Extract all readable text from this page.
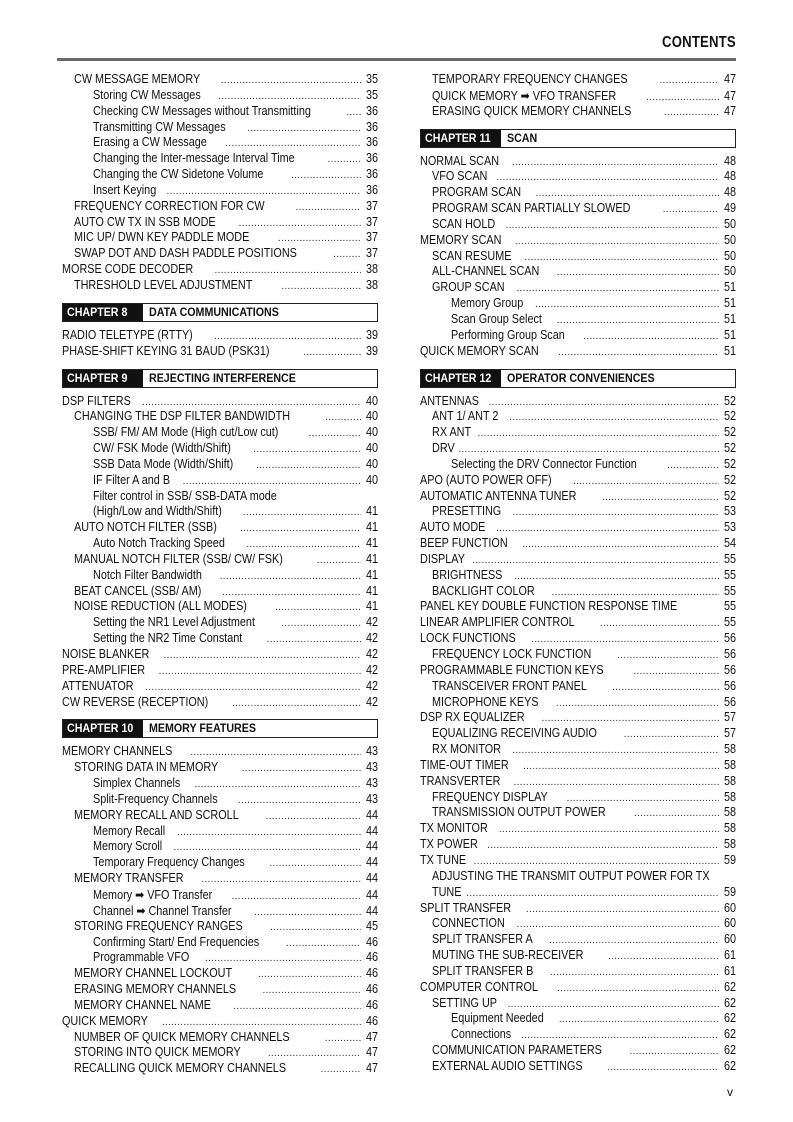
CONTENTS
CW MESSAGE MEMORY .....	35
Storing CW Messages .....	35
Checking CW Messages without Transmitting .....	36
Transmitting CW Messages .....	36
Erasing a CW Message .....	36
Changing the Inter-message Interval Time .....	36
Changing the CW Sidetone Volume .....	36
Insert Keying .....	36
FREQUENCY CORRECTION FOR CW .....	37
AUTO CW TX IN SSB MODE .....	37
MIC UP/ DWN KEY PADDLE MODE .....	37
SWAP DOT AND DASH PADDLE POSITIONS .....	37
MORSE CODE DECODER .....	38
THRESHOLD LEVEL ADJUSTMENT .....	38
CHAPTER 8	DATA COMMUNICATIONS
RADIO TELETYPE (RTTY) .....	39
PHASE-SHIFT KEYING 31 BAUD (PSK31) .....	39
CHAPTER 9	REJECTING INTERFERENCE
DSP FILTERS .....	40
CHANGING THE DSP FILTER BANDWIDTH .....	40
SSB/ FM/ AM Mode (High cut/Low cut) .....	40
CW/ FSK Mode (Width/Shift) .....	40
SSB Data Mode (Width/Shift) .....	40
IF Filter A and B .....	40
Filter control in SSB/ SSB-DATA mode
(High/Low and Width/Shift) .....	41
AUTO NOTCH FILTER (SSB) .....	41
Auto Notch Tracking Speed .....	41
MANUAL NOTCH FILTER (SSB/ CW/ FSK) .....	41
Notch Filter Bandwidth .....	41
BEAT CANCEL (SSB/ AM) .....	41
NOISE REDUCTION (ALL MODES) .....	41
Setting the NR1 Level Adjustment .....	42
Setting the NR2 Time Constant .....	42
NOISE BLANKER .....	42
PRE-AMPLIFIER .....	42
ATTENUATOR .....	42
CW REVERSE (RECEPTION) .....	42
CHAPTER 10	MEMORY FEATURES
MEMORY CHANNELS .....	43
STORING DATA IN MEMORY .....	43
Simplex Channels .....	43
Split-Frequency Channels .....	43
MEMORY RECALL AND SCROLL .....	44
Memory Recall .....	44
Memory Scroll .....	44
Temporary Frequency Changes .....	44
MEMORY TRANSFER .....	44
Memory ➡ VFO Transfer .....	44
Channel ➡ Channel Transfer .....	44
STORING FREQUENCY RANGES .....	45
Confirming Start/ End Frequencies .....	46
Programmable VFO .....	46
MEMORY CHANNEL LOCKOUT .....	46
ERASING MEMORY CHANNELS .....	46
MEMORY CHANNEL NAME .....	46
QUICK MEMORY .....	46
NUMBER OF QUICK MEMORY CHANNELS .....	47
STORING INTO QUICK MEMORY .....	47
RECALLING QUICK MEMORY CHANNELS .....	47
TEMPORARY FREQUENCY CHANGES .....	47
QUICK MEMORY ➡ VFO TRANSFER .....	47
ERASING QUICK MEMORY CHANNELS .....	47
CHAPTER 11	SCAN
NORMAL SCAN .....	48
VFO SCAN .....	48
PROGRAM SCAN .....	48
PROGRAM SCAN PARTIALLY SLOWED .....	49
SCAN HOLD .....	50
MEMORY SCAN .....	50
SCAN RESUME .....	50
ALL-CHANNEL SCAN .....	50
GROUP SCAN .....	51
Memory Group .....	51
Scan Group Select .....	51
Performing Group Scan .....	51
QUICK MEMORY SCAN .....	51
CHAPTER 12	OPERATOR CONVENIENCES
ANTENNAS .....	52
ANT 1/ ANT 2 .....	52
RX ANT .....	52
DRV .....	52
Selecting the DRV Connector Function .....	52
APO (AUTO POWER OFF) .....	52
AUTOMATIC ANTENNA TUNER .....	52
PRESETTING .....	53
AUTO MODE .....	53
BEEP FUNCTION .....	54
DISPLAY .....	55
BRIGHTNESS .....	55
BACKLIGHT COLOR .....	55
PANEL KEY DOUBLE FUNCTION RESPONSE TIME	55
LINEAR AMPLIFIER CONTROL .....	55
LOCK FUNCTIONS .....	56
FREQUENCY LOCK FUNCTION .....	56
PROGRAMMABLE FUNCTION KEYS .....	56
TRANSCEIVER FRONT PANEL .....	56
MICROPHONE KEYS .....	56
DSP RX EQUALIZER .....	57
EQUALIZING RECEIVING AUDIO .....	57
RX MONITOR .....	58
TIME-OUT TIMER .....	58
TRANSVERTER .....	58
FREQUENCY DISPLAY .....	58
TRANSMISSION OUTPUT POWER .....	58
TX MONITOR .....	58
TX POWER .....	58
TX TUNE .....	59
ADJUSTING THE TRANSMIT OUTPUT POWER FOR TX
TUNE .....	59
SPLIT TRANSFER .....	60
CONNECTION .....	60
SPLIT TRANSFER A .....	60
MUTING THE SUB-RECEIVER .....	61
SPLIT TRANSFER B .....	61
COMPUTER CONTROL .....	62
SETTING UP .....	62
Equipment Needed .....	62
Connections .....	62
COMMUNICATION PARAMETERS .....	62
EXTERNAL AUDIO SETTINGS .....	62
v
